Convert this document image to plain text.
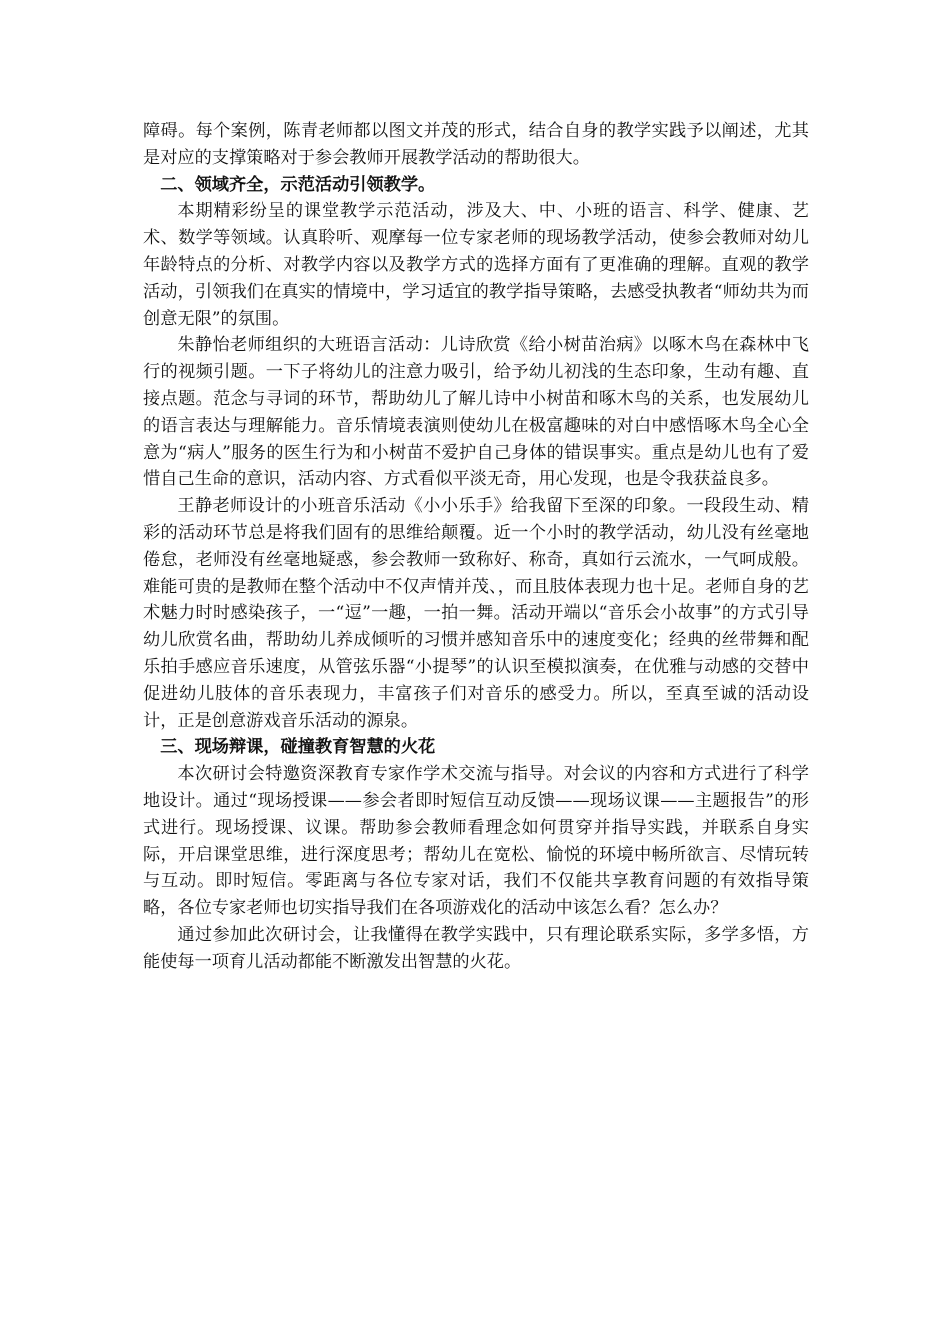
障碍。每个案例，陈青老师都以图文并茂的形式，结合自身的教学实践予以阐述，尤其是对应的支撑策略对于参会教师开展教学活动的帮助很大。

二、领域齐全，示范活动引领教学。

本期精彩纷呈的课堂教学示范活动，涉及大、中、小班的语言、科学、健康、艺术、数学等领域。认真聆听、观摩每一位专家老师的现场教学活动，使参会教师对幼儿年龄特点的分析、对教学内容以及教学方式的选择方面有了更准确的理解。直观的教学活动，引领我们在真实的情境中，学习适宜的教学指导策略，去感受执教者“师幼共为而创意无限”的氛围。

朱静怡老师组织的大班语言活动：儿诗欣赏《给小树苗治病》以啄木鸟在森林中飞行的视频引题。一下子将幼儿的注意力吸引，给予幼儿初浅的生态印象，生动有趣、直接点题。范念与寻词的环节，帮助幼儿了解儿诗中小树苗和啄木鸟的关系，也发展幼儿的语言表达与理解能力。音乐情境表演则使幼儿在极富趣味的对白中感悟啄木鸟全心全意为“病人”服务的医生行为和小树苗不爱护自己身体的错误事实。重点是幼儿也有了爱惜自己生命的意识，活动内容、方式看似平淡无奇，用心发现，也是令我获益良多。

王静老师设计的小班音乐活动《小小乐手》给我留下至深的印象。一段段生动、精彩的活动环节总是将我们固有的思维给颠覆。近一个小时的教学活动，幼儿没有丝毫地倦怠，老师没有丝毫地疑惑，参会教师一致称好、称奇，真如行云流水，一气呵成般。难能可贵的是教师在整个活动中不仅声情并茂、，而且肢体表现力也十足。老师自身的艺术魅力时时感染孩子，一“逗”一趣，一拍一舞。活动开端以“音乐会小故事”的方式引导幼儿欣赏名曲，帮助幼儿养成倾听的习惯并感知音乐中的速度变化；经典的丝带舞和配乐拍手感应音乐速度，从管弦乐器“小提琴”的认识至模拟演奏，在优雅与动感的交替中促进幼儿肢体的音乐表现力，丰富孩子们对音乐的感受力。所以，至真至诚的活动设计，正是创意游戏音乐活动的源泉。

三、现场辩课，碰撞教育智慧的火花

本次研讨会特邀资深教育专家作学术交流与指导。对会议的内容和方式进行了科学地设计。通过“现场授课——参会者即时短信互动反馈——现场议课——主题报告”的形式进行。现场授课、议课。帮助参会教师看理念如何贯穿并指导实践，并联系自身实际，开启课堂思维，进行深度思考；帮幼儿在宽松、愉悦的环境中畅所欲言、尽情玩转与互动。即时短信。零距离与各位专家对话，我们不仅能共享教育问题的有效指导策略，各位专家老师也切实指导我们在各项游戏化的活动中该怎么看？怎么办？

通过参加此次研讨会，让我懂得在教学实践中，只有理论联系实际，多学多悟，方能使每一项育儿活动都能不断激发出智慧的火花。
